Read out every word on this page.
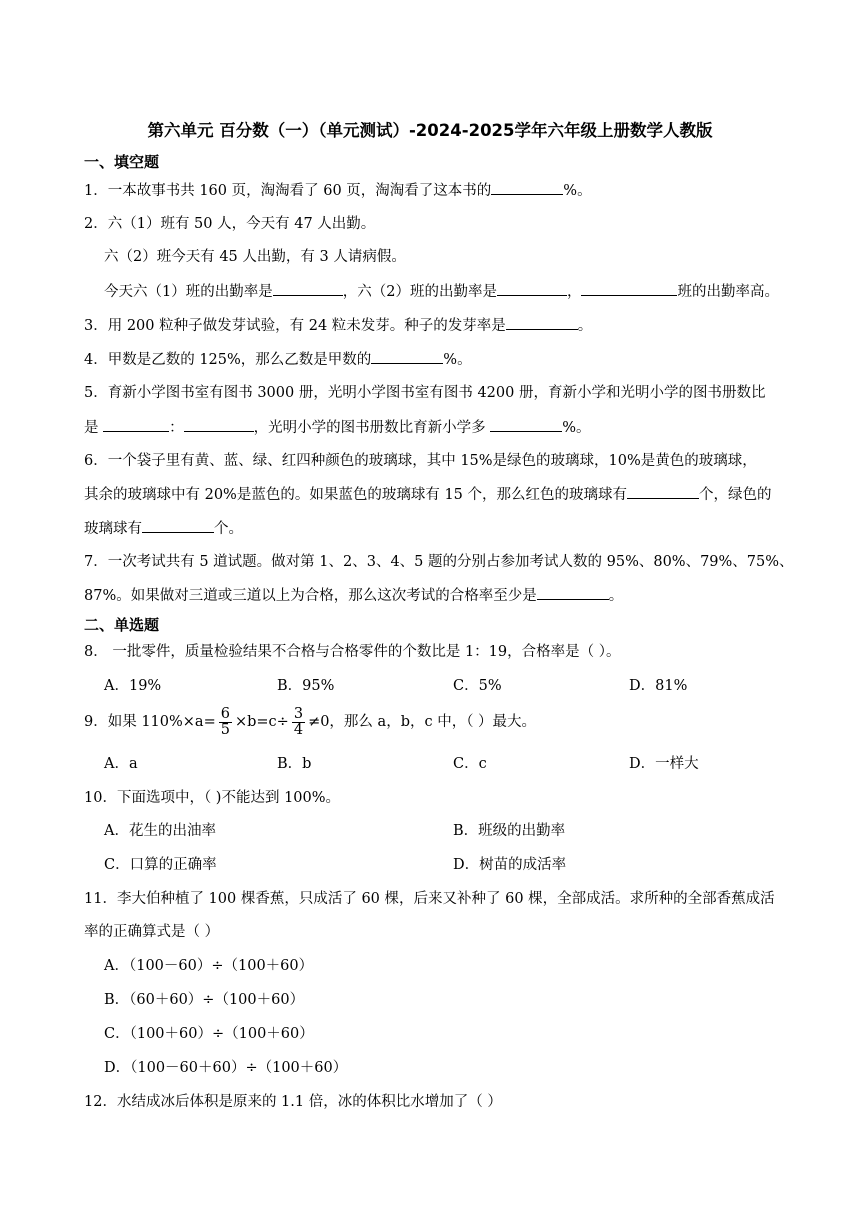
第六单元 百分数（一）（单元测试）-2024-2025学年六年级上册数学人教版
一、填空题
1．一本故事书共 160 页，淘淘看了 60 页，淘淘看了这本书的	%。
2．六（1）班有 50 人，今天有 47 人出勤。
六（2）班今天有 45 人出勤，有 3 人请病假。
今天六（1）班的出勤率是	，六（2）班的出勤率是	，	班的出勤率高。
3．用 200 粒种子做发芽试验，有 24 粒未发芽。种子的发芽率是	。
4．甲数是乙数的 125%，那么乙数是甲数的	%。
5．育新小学图书室有图书 3000 册，光明小学图书室有图书 4200 册，育新小学和光明小学的图书册数比
是	：	，光明小学的图书册数比育新小学多	%。
6．一个袋子里有黄、蓝、绿、红四种颜色的玻璃球，其中 15%是绿色的玻璃球，10%是黄色的玻璃球，
其余的玻璃球中有 20%是蓝色的。如果蓝色的玻璃球有 15 个，那么红色的玻璃球有	个，绿色的
玻璃球有	个。
7．一次考试共有 5 道试题。做对第 1、2、3、4、5 题的分别占参加考试人数的 95%、80%、79%、75%、
87%。如果做对三道或三道以上为合格，那么这次考试的合格率至少是	。
二、单选题
8． 一批零件，质量检验结果不合格与合格零件的个数比是 1：19，合格率是（ ）。
A．19%	B．95%	C．5%	D．81%
9．如果 $110\%\times a= \frac{6}{5} \times b=c\div \frac{3}{4} \ne 0$，那么 a，b，c 中，（ ）最大。
A．a	B．b	C．c	D．一样大
10．下面选项中，（ )不能达到 100%。
A．花生的出油率	B．班级的出勤率
C．口算的正确率	D．树苗的成活率
11．李大伯种植了 100 棵香蕉，只成活了 60 棵，后来又补种了 60 棵，全部成活。求所种的全部香蕉成活
率的正确算式是（ ）
A．（100－60）÷（100＋60）
B．（60＋60）÷（100＋60）
C．（100＋60）÷（100＋60）
D．（100－60＋60）÷（100＋60）
12．水结成冰后体积是原来的 1.1 倍，冰的体积比水增加了（ ）
